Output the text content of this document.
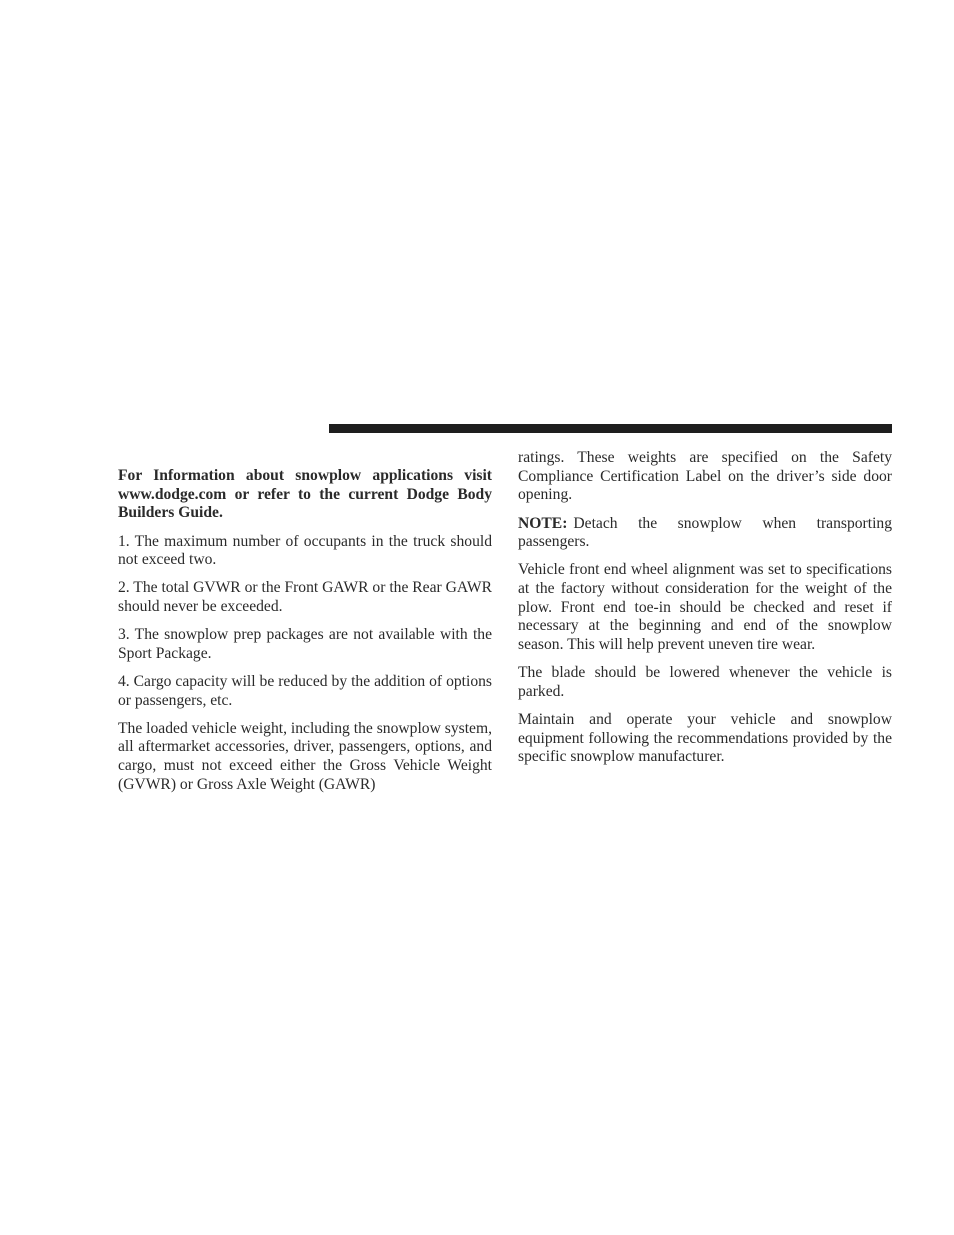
For Information about snowplow applications visit www.dodge.com or refer to the current Dodge Body Builders Guide.

1. The maximum number of occupants in the truck should not exceed two.

2. The total GVWR or the Front GAWR or the Rear GAWR should never be exceeded.

3. The snowplow prep packages are not available with the Sport Package.

4. Cargo capacity will be reduced by the addition of options or passengers, etc.

The loaded vehicle weight, including the snowplow system, all aftermarket accessories, driver, passengers, options, and cargo, must not exceed either the Gross Vehicle Weight (GVWR) or Gross Axle Weight (GAWR)

ratings. These weights are specified on the Safety Compliance Certification Label on the driver’s side door opening.

NOTE: Detach the snowplow when transporting passengers.

Vehicle front end wheel alignment was set to specifications at the factory without consideration for the weight of the plow. Front end toe-in should be checked and reset if necessary at the beginning and end of the snowplow season. This will help prevent uneven tire wear.

The blade should be lowered whenever the vehicle is parked.

Maintain and operate your vehicle and snowplow equipment following the recommendations provided by the specific snowplow manufacturer.
